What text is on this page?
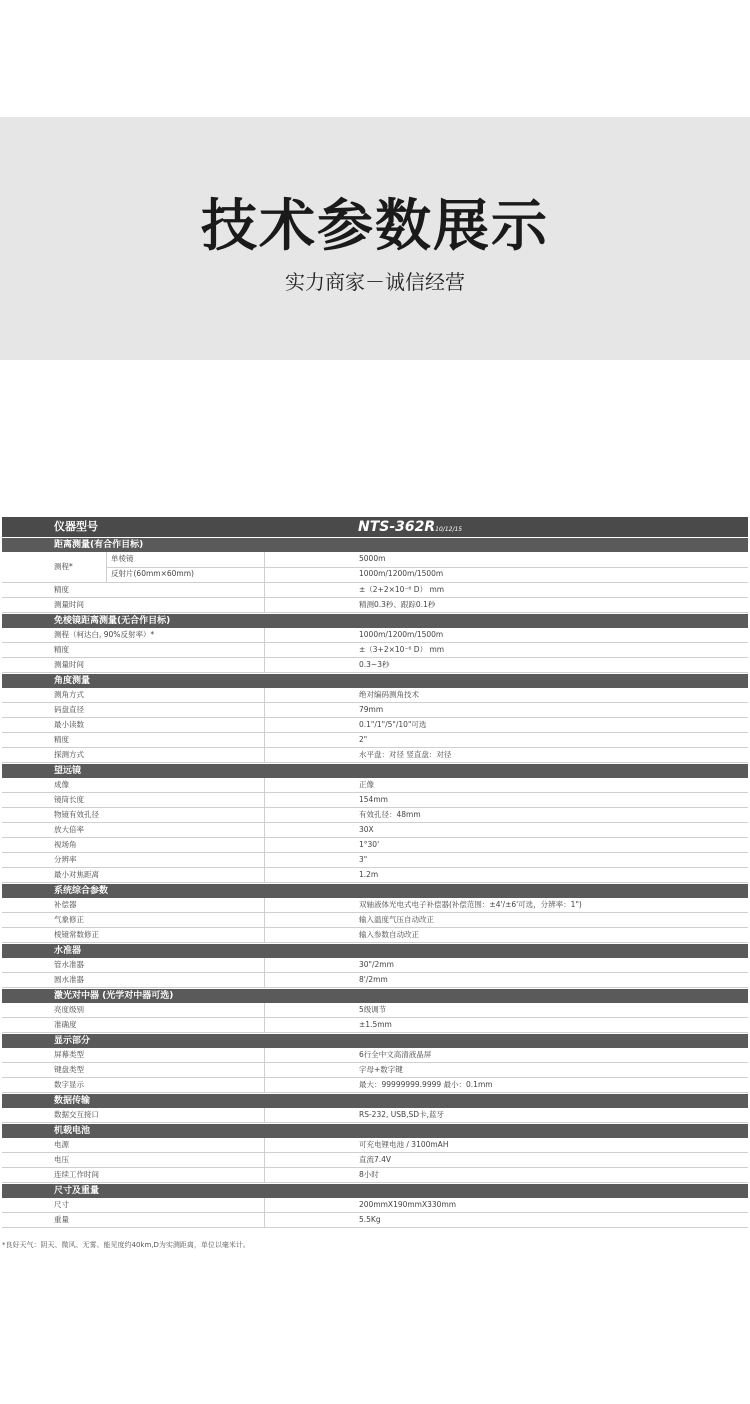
技术参数展示
实力商家－诚信经营
仪器型号	NTS-362R10/12/15
距离测量(有合作目标)
测程*
单棱镜	5000m
反射片(60mm×60mm)	1000m/1200m/1500m
精度	±（2+2×10⁻⁶ D） mm
测量时间	精测0.3秒、跟踪0.1秒
免棱镜距离测量(无合作目标)
测程（柯达白, 90%反射率）*	1000m/1200m/1500m
精度	±（3+2×10⁻⁶ D） mm
测量时间	0.3~3秒
角度测量
测角方式	绝对编码测角技术
码盘直径	79mm
最小读数	0.1"/1"/5"/10"可选
精度	2"
探测方式	水平盘：对径 竖直盘：对径
望远镜
成像	正像
镜筒长度	154mm
物镜有效孔径	有效孔径：48mm
放大倍率	30X
视场角	1°30'
分辨率	3"
最小对焦距离	1.2m
系统综合参数
补偿器	双轴液体光电式电子补偿器(补偿范围：±4'/±6'可选，分辨率：1")
气象修正	输入温度气压自动改正
棱镜常数修正	输入参数自动改正
水准器
管水准器	30"/2mm
圆水准器	8'/2mm
激光对中器 (光学对中器可选)
亮度级别	5级调节
准确度	±1.5mm
显示部分
屏幕类型	6行全中文高清液晶屏
键盘类型	字母+数字键
数字显示	最大：99999999.9999 最小：0.1mm
数据传输
数据交互接口	RS-232, USB,SD卡,蓝牙
机载电池
电源	可充电锂电池 / 3100mAH
电压	直流7.4V
连续工作时间	8小时
尺寸及重量
尺寸	200mmX190mmX330mm
重量	5.5Kg
*良好天气：阴天、微风、无雾、能见度约40km,D为实测距离，单位以毫米计。
